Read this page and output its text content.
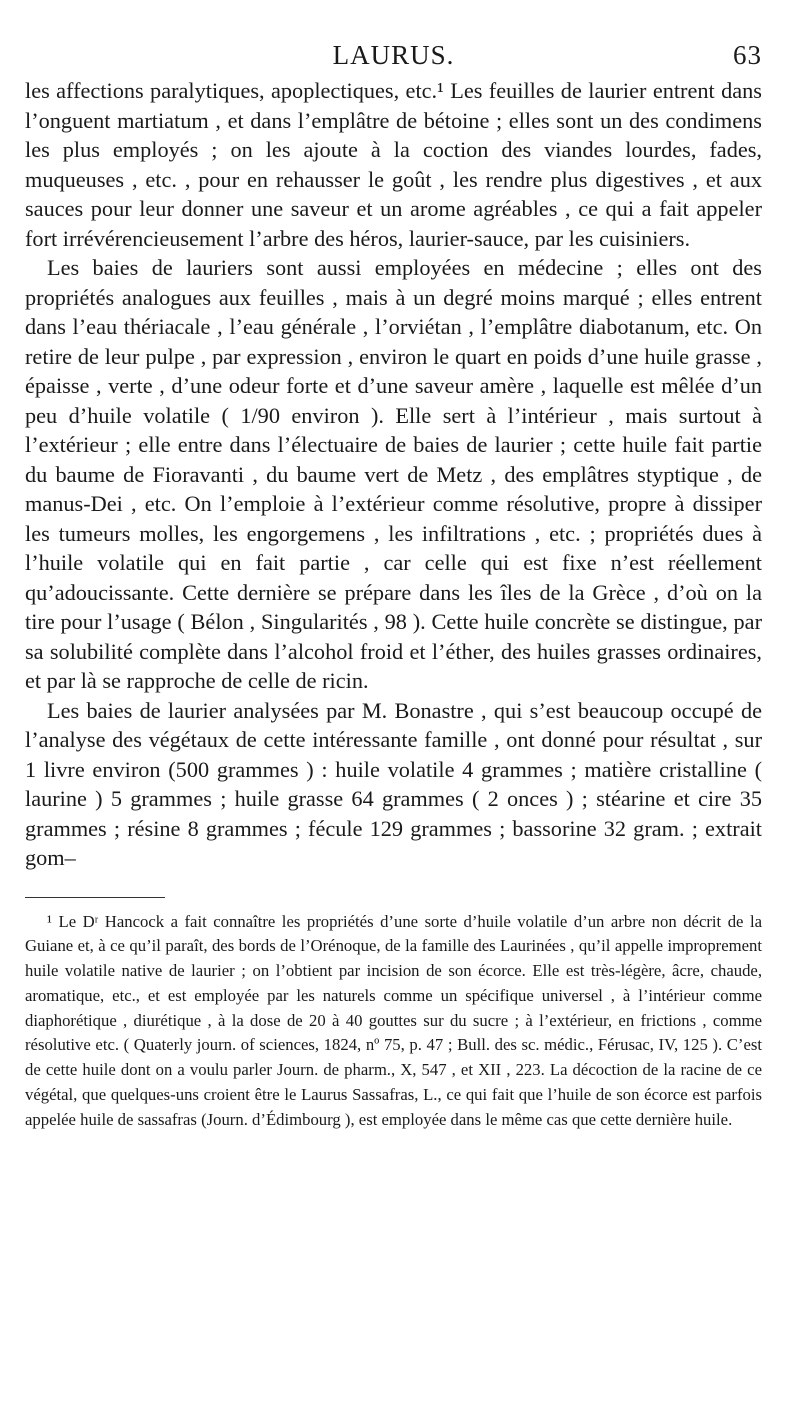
LAURUS.	63

les affections paralytiques, apoplectiques, etc.¹ Les feuilles de laurier entrent dans l’onguent martiatum , et dans l’emplâtre de bétoine ; elles sont un des condimens les plus employés ; on les ajoute à la coction des viandes lourdes, fades, muqueuses , etc. , pour en rehausser le goût , les rendre plus digestives , et aux sauces pour leur donner une saveur et un arome agréables , ce qui a fait appeler fort irrévérencieusement l’arbre des héros, laurier-sauce, par les cuisiniers.

Les baies de lauriers sont aussi employées en médecine ; elles ont des propriétés analogues aux feuilles , mais à un degré moins marqué ; elles entrent dans l’eau thériacale , l’eau générale , l’orviétan , l’emplâtre diabotanum, etc. On retire de leur pulpe , par expression , environ le quart en poids d’une huile grasse , épaisse , verte , d’une odeur forte et d’une saveur amère , laquelle est mêlée d’un peu d’huile volatile ( 1/90 environ ). Elle sert à l’intérieur , mais surtout à l’extérieur ; elle entre dans l’électuaire de baies de laurier ; cette huile fait partie du baume de Fioravanti , du baume vert de Metz , des emplâtres styptique , de manus-Dei , etc. On l’emploie à l’extérieur comme résolutive, propre à dissiper les tumeurs molles, les engorgemens , les infiltrations , etc. ; propriétés dues à l’huile volatile qui en fait partie , car celle qui est fixe n’est réellement qu’adoucissante. Cette dernière se prépare dans les îles de la Grèce , d’où on la tire pour l’usage ( Bélon , Singularités , 98 ). Cette huile concrète se distingue, par sa solubilité complète dans l’alcohol froid et l’éther, des huiles grasses ordinaires, et par là se rapproche de celle de ricin.

Les baies de laurier analysées par M. Bonastre , qui s’est beaucoup occupé de l’analyse des végétaux de cette intéressante famille , ont donné pour résultat , sur 1 livre environ (500 grammes ) : huile volatile 4 grammes ; matière cristalline ( laurine ) 5 grammes ; huile grasse 64 grammes ( 2 onces ) ; stéarine et cire 35 grammes ; résine 8 grammes ; fécule 129 grammes ; bassorine 32 gram. ; extrait gom–

¹ Le Dʳ Hancock a fait connaître les propriétés d’une sorte d’huile volatile d’un arbre non décrit de la Guiane et, à ce qu’il paraît, des bords de l’Orénoque, de la famille des Laurinées , qu’il appelle improprement huile volatile native de laurier ; on l’obtient par incision de son écorce. Elle est très-légère, âcre, chaude, aromatique, etc., et est employée par les naturels comme un spécifique universel , à l’intérieur comme diaphorétique , diurétique , à la dose de 20 à 40 gouttes sur du sucre ; à l’extérieur, en frictions , comme résolutive etc. ( Quaterly journ. of sciences, 1824, nº 75, p. 47 ; Bull. des sc. médic., Férusac, IV, 125 ). C’est de cette huile dont on a voulu parler Journ. de pharm., X, 547 , et XII , 223. La décoction de la racine de ce végétal, que quelques-uns croient être le Laurus Sassafras, L., ce qui fait que l’huile de son écorce est parfois appelée huile de sassafras (Journ. d’Édimbourg ), est employée dans le même cas que cette dernière huile.
